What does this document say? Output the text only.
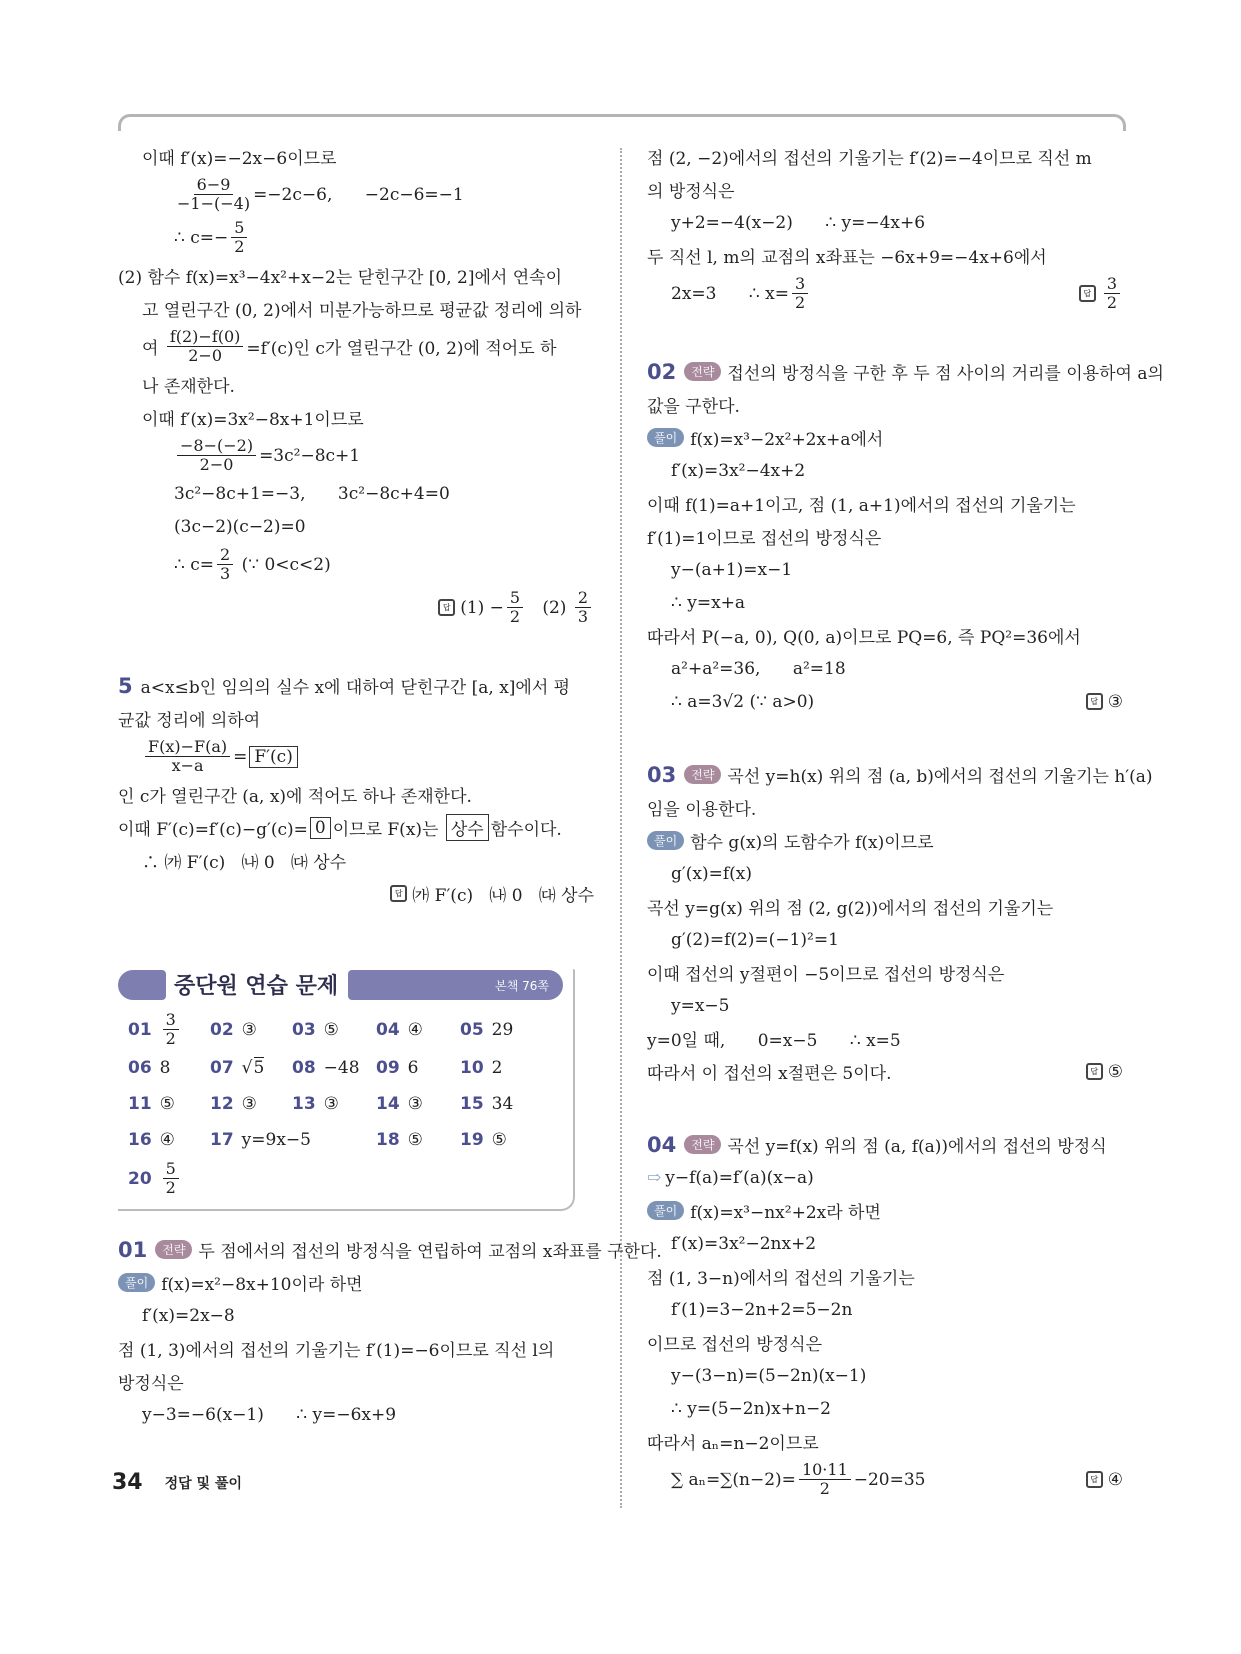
이때 f′(x)=−2x−6이므로
$\frac{6-9}{-1-(-4)} =-2c-6$,      −2c−6=−1
∴ $c=- \frac{5}{2}$
(2) 함수 f(x)=x³−4x²+x−2는 닫힌구간 [0, 2]에서 연속이
고 열린구간 (0, 2)에서 미분가능하므로 평균값 정리에 의하
여 $\frac{f(2)-f(0)}{2-0} =f'(c)$인 c가 열린구간 (0, 2)에 적어도 하
나 존재한다.
이때 f′(x)=3x²−8x+1이므로
$\frac{-8-(-2)}{2-0} =3c^2-8c+1$
3c²−8c+1=−3,      3c²−8c+4=0
(3c−2)(c−2)=0
∴ $c= \frac{2}{3}$ (∵ 0<c<2)
답 $(1) - \frac{5}{2} (2) \frac{2}{3}$
5 a<x≤b인 임의의 실수 x에 대하여 닫힌구간 [a, x]에서 평
균값 정리에 의하여
$\frac{F(x)-F(a)}{x-a} = F'(c)$
인 c가 열린구간 (a, x)에 적어도 하나 존재한다.
이때 F′(c)=f′(c)−g′(c)= 0 이므로 F(x)는 상수 함수이다.
∴ ㈎ F′(c)   ㈏ 0   ㈐ 상수
답 ㈎ F′(c)   ㈏ 0   ㈐ 상수
중단원 연습 문제	본책 76쪽
$01 \frac{3}{2} 02$ ③ 03 ⑤ 04 ④ 05 29
06 8 07 √5 08 −48 09 6 10 2
11 ⑤ 12 ③ 13 ③ 14 ③ 15 34
16 ④ 17 y=9x−5	18 ⑤ 19 ⑤
$20 \frac{5}{2}$
01	전략 두 점에서의 접선의 방정식을 연립하여 교점의 x좌표를 구한다.
풀이 f(x)=x²−8x+10이라 하면
f′(x)=2x−8
점 (1, 3)에서의 접선의 기울기는 f′(1)=−6이므로 직선 l의
방정식은
y−3=−6(x−1)      ∴ y=−6x+9
점 (2, −2)에서의 접선의 기울기는 f′(2)=−4이므로 직선 m
의 방정식은
y+2=−4(x−2)      ∴ y=−4x+6
두 직선 l, m의 교점의 x좌표는 −6x+9=−4x+6에서
2x=3      ∴ $x= \frac{3}{2}$	답 $\frac{3}{2}$
02	전략 접선의 방정식을 구한 후 두 점 사이의 거리를 이용하여 a의
값을 구한다.
풀이 f(x)=x³−2x²+2x+a에서
f′(x)=3x²−4x+2
이때 f(1)=a+1이고, 점 (1, a+1)에서의 접선의 기울기는
f′(1)=1이므로 접선의 방정식은
y−(a+1)=x−1
∴ y=x+a
따라서 P(−a, 0), Q(0, a)이므로 PQ=6, 즉 PQ²=36에서
a²+a²=36,      a²=18
∴ a=3√2 (∵ a>0)	답 ③
03	전략 곡선 y=h(x) 위의 점 (a, b)에서의 접선의 기울기는 h′(a)
임을 이용한다.
풀이 함수 g(x)의 도함수가 f(x)이므로
g′(x)=f(x)
곡선 y=g(x) 위의 점 (2, g(2))에서의 접선의 기울기는
g′(2)=f(2)=(−1)²=1
이때 접선의 y절편이 −5이므로 접선의 방정식은
y=x−5
y=0일 때,      0=x−5      ∴ x=5
따라서 이 접선의 x절편은 5이다.	답 ⑤
04	전략 곡선 y=f(x) 위의 점 (a, f(a))에서의 접선의 방정식
⇨ y−f(a)=f′(a)(x−a)
풀이 f(x)=x³−nx²+2x라 하면
f′(x)=3x²−2nx+2
점 (1, 3−n)에서의 접선의 기울기는
f′(1)=3−2n+2=5−2n
이므로 접선의 방정식은
y−(3−n)=(5−2n)(x−1)
∴ y=(5−2n)x+n−2
따라서 aₙ=n−2이므로
∑ $a_n=\sum(n-2)= \frac{10\cdot 11}{2} -20=35$	답 ④
34 정답 및 풀이
